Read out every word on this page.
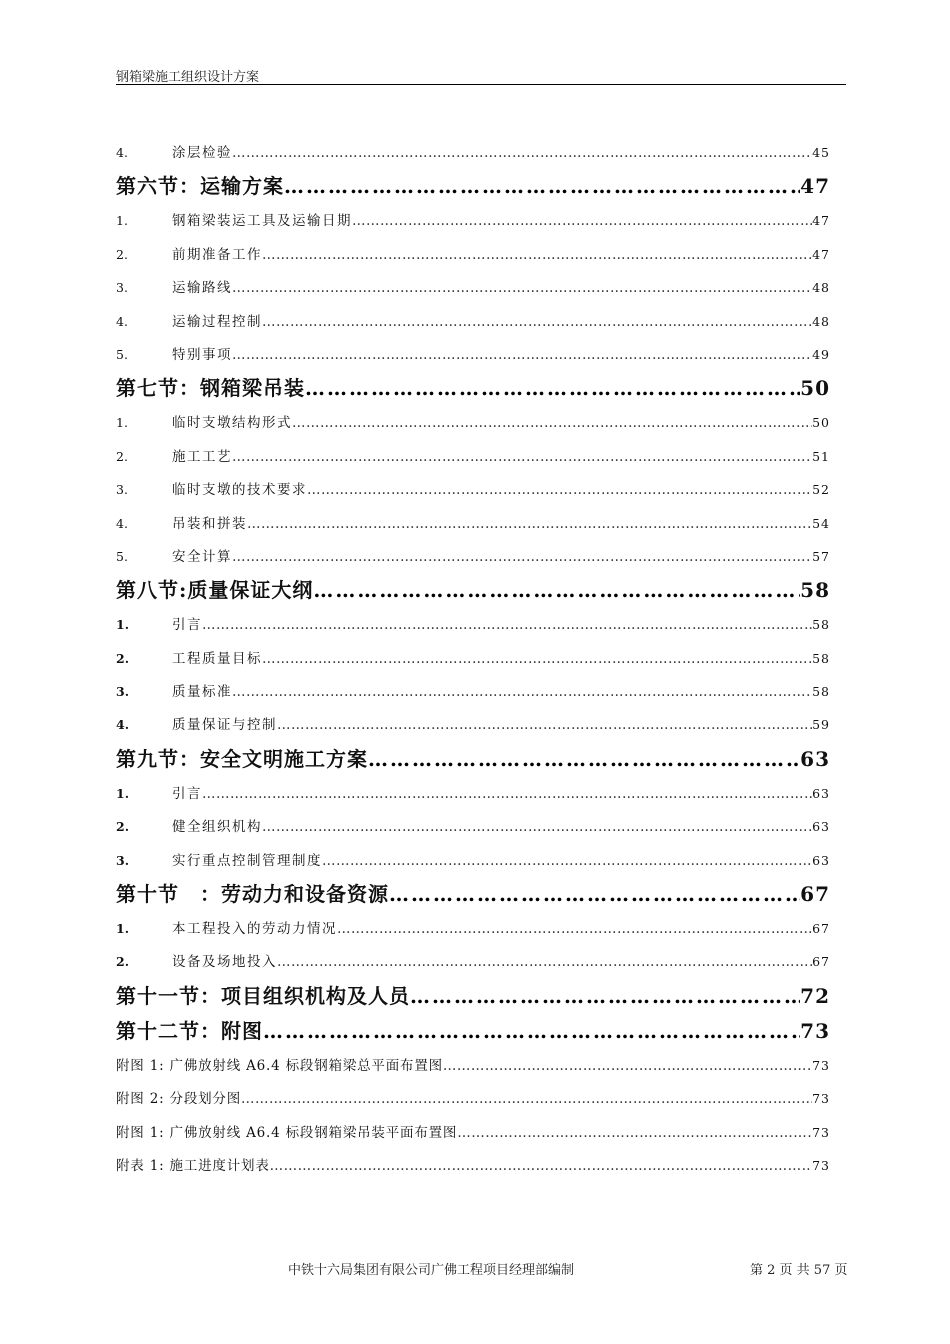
钢箱梁施工组织设计方案
4.	涂层检验 ……………………………………………………………………………………………………………………………………………………………………………………………………	45
第六节：运输方案 ……………………………………………………………………………………………………………………………………………………………………………………………………	47
1.	钢箱梁装运工具及运输日期 ……………………………………………………………………………………………………………………………………………………………………………………………………	47
2.	前期准备工作 ……………………………………………………………………………………………………………………………………………………………………………………………………	47
3.	运输路线 ……………………………………………………………………………………………………………………………………………………………………………………………………	48
4.	运输过程控制 ……………………………………………………………………………………………………………………………………………………………………………………………………	48
5.	特别事项 ……………………………………………………………………………………………………………………………………………………………………………………………………	49
第七节：钢箱梁吊装 ……………………………………………………………………………………………………………………………………………………………………………………………………	50
1.	临时支墩结构形式 ……………………………………………………………………………………………………………………………………………………………………………………………………	50
2.	施工工艺 ……………………………………………………………………………………………………………………………………………………………………………………………………	51
3.	临时支墩的技术要求 ……………………………………………………………………………………………………………………………………………………………………………………………………	52
4.	吊装和拼装 ……………………………………………………………………………………………………………………………………………………………………………………………………	54
5.	安全计算 ……………………………………………………………………………………………………………………………………………………………………………………………………	57
第八节:质量保证大纲 ……………………………………………………………………………………………………………………………………………………………………………………………………	58
1.	引言 ……………………………………………………………………………………………………………………………………………………………………………………………………	58
2.	工程质量目标 ……………………………………………………………………………………………………………………………………………………………………………………………………	58
3.	质量标准 ……………………………………………………………………………………………………………………………………………………………………………………………………	58
4.	质量保证与控制 ……………………………………………………………………………………………………………………………………………………………………………………………………	59
第九节：安全文明施工方案 ……………………………………………………………………………………………………………………………………………………………………………………………………	63
1.	引言 ……………………………………………………………………………………………………………………………………………………………………………………………………	63
2.	健全组织机构 ……………………………………………………………………………………………………………………………………………………………………………………………………	63
3.	实行重点控制管理制度 ……………………………………………………………………………………………………………………………………………………………………………………………………	63
第十节　：劳动力和设备资源 ……………………………………………………………………………………………………………………………………………………………………………………………………	67
1.	本工程投入的劳动力情况 ……………………………………………………………………………………………………………………………………………………………………………………………………	67
2.	设备及场地投入 ……………………………………………………………………………………………………………………………………………………………………………………………………	67
第十一节：项目组织机构及人员 ……………………………………………………………………………………………………………………………………………………………………………………………………	72
第十二节：附图 ……………………………………………………………………………………………………………………………………………………………………………………………………	73
附图 1: 广佛放射线 A6.4 标段钢箱梁总平面布置图 ……………………………………………………………………………………………………………………………………………………………………………………………………	73
附图 2: 分段划分图 ……………………………………………………………………………………………………………………………………………………………………………………………………	73
附图 1: 广佛放射线 A6.4 标段钢箱梁吊装平面布置图 ……………………………………………………………………………………………………………………………………………………………………………………………………	73
附表 1: 施工进度计划表 ……………………………………………………………………………………………………………………………………………………………………………………………………	73
中铁十六局集团有限公司广佛工程项目经理部编制	第 2 页 共 57 页
